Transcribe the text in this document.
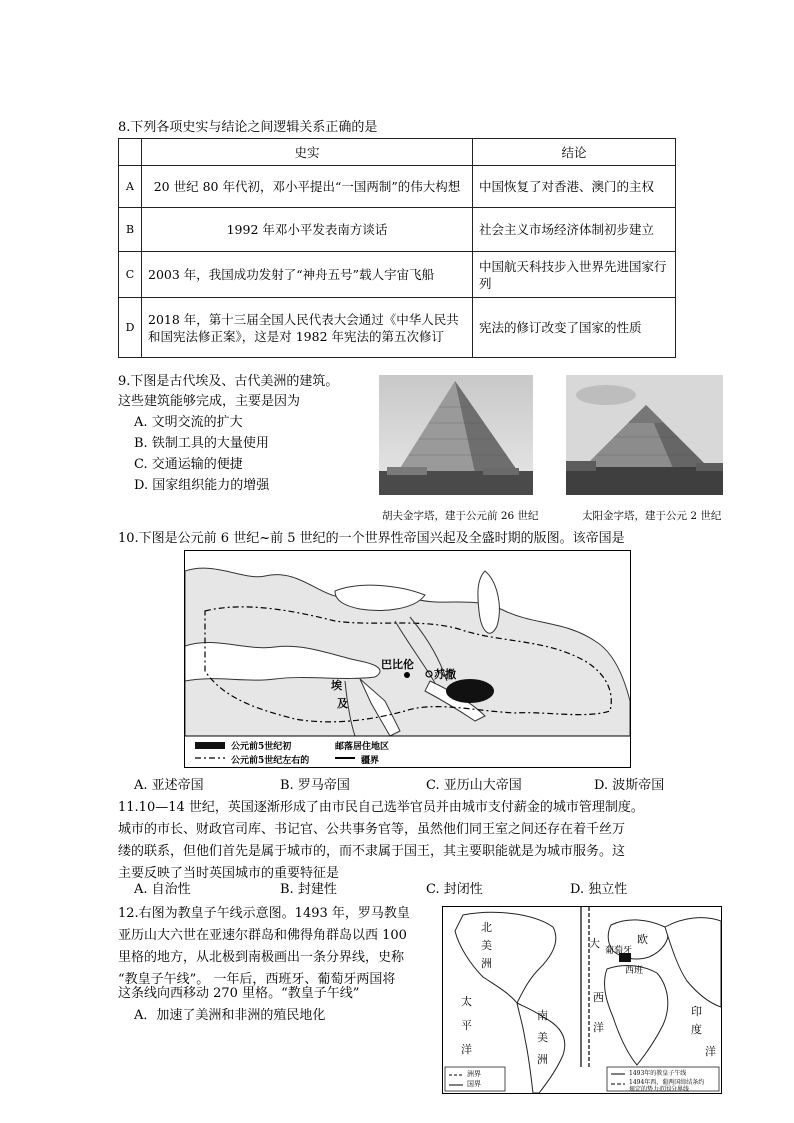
8.下列各项史实与结论之间逻辑关系正确的是
	史实	结论
A	20 世纪 80 年代初，邓小平提出“一国两制”的伟大构想	中国恢复了对香港、澳门的主权
B	1992 年邓小平发表南方谈话	社会主义市场经济体制初步建立
C	2003 年，我国成功发射了“神舟五号”载人宇宙飞船	中国航天科技步入世界先进国家行列
D	2018 年，第十三届全国人民代表大会通过《中华人民共和国宪法修正案》，这是对 1982 年宪法的第五次修订	宪法的修订改变了国家的性质
9.下图是古代埃及、古代美洲的建筑。
这些建筑能够完成，主要是因为
A. 文明交流的扩大
B. 铁制工具的大量使用
C. 交通运输的便捷
D. 国家组织能力的增强
胡夫金字塔，建于公元前 26 世纪	太阳金字塔，建于公元 2 世纪
10.下图是公元前 6 世纪~前 5 世纪的一个世界性帝国兴起及全盛时期的版图。该帝国是
巴比伦
苏撒
埃
及
公元前5世纪初
公元前5世纪左右的
邮落居住地区
疆界
A. 亚述帝国	B. 罗马帝国	C. 亚历山大帝国	D. 波斯帝国
11.10—14 世纪，英国逐渐形成了由市民自己选举官员并由城市支付薪金的城市管理制度。
城市的市长、财政官司库、书记官、公共事务官等，虽然他们同王室之间还存在着千丝万
缕的联系，但他们首先是属于城市的，而不隶属于国王，其主要职能就是为城市服务。这
主要反映了当时英国城市的重要特征是
A. 自治性	B. 封建性	C. 封闭性	D. 独立性
12.右图为教皇子午线示意图。1493 年，罗马教皇
亚历山大六世在亚速尔群岛和佛得角群岛以西 100
里格的地方，从北极到南极画出一条分界线，史称
“教皇子午线”。 一年后，西班牙、葡萄牙两国将
这条线向西移动 270 里格。“教皇子午线”
A．加速了美洲和非洲的殖民地化
北
美
洲
太
平
洋
大
西
洋
南
美
洲
欧
葡萄牙
西班
印
度
洋
洲界
国界
1493年的教皇子午线
1494年西、葡两国缔结条约
规定的势力范围分界线
